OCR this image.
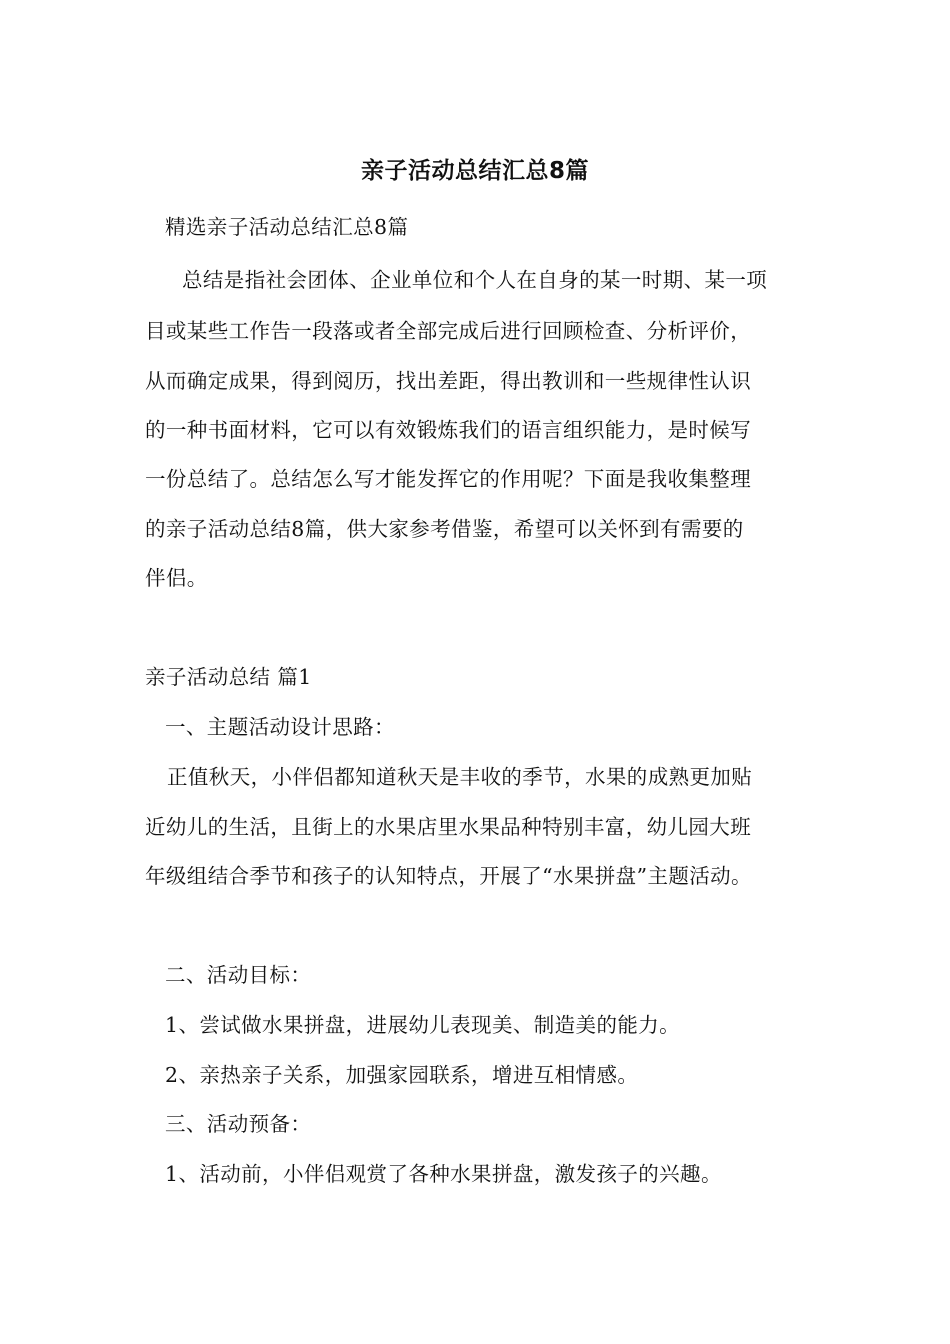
亲子活动总结汇总8篇
精选亲子活动总结汇总8篇
总结是指社会团体、企业单位和个人在自身的某一时期、某一项
目或某些工作告一段落或者全部完成后进行回顾检查、分析评价，
从而确定成果，得到阅历，找出差距，得出教训和一些规律性认识
的一种书面材料，它可以有效锻炼我们的语言组织能力，是时候写
一份总结了。总结怎么写才能发挥它的作用呢？下面是我收集整理
的亲子活动总结8篇，供大家参考借鉴，希望可以关怀到有需要的
伴侣。
亲子活动总结 篇1
一、主题活动设计思路：
正值秋天，小伴侣都知道秋天是丰收的季节，水果的成熟更加贴
近幼儿的生活，且街上的水果店里水果品种特别丰富，幼儿园大班
年级组结合季节和孩子的认知特点，开展了“水果拼盘”主题活动。
二、活动目标：
1、尝试做水果拼盘，进展幼儿表现美、制造美的能力。
2、亲热亲子关系，加强家园联系，增进互相情感。
三、活动预备：
1、活动前，小伴侣观赏了各种水果拼盘，激发孩子的兴趣。
